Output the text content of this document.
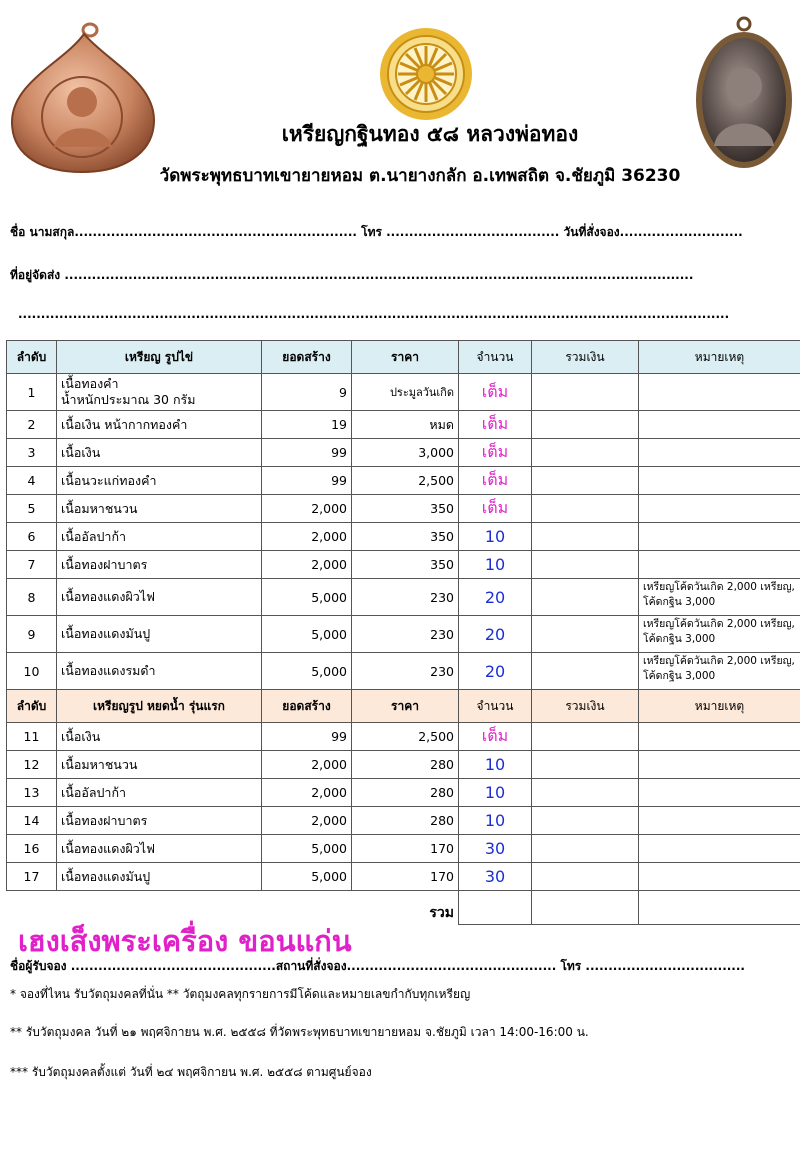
เหรียญกฐินทอง ๕๘ หลวงพ่อทอง
วัดพระพุทธบาทเขายายหอม ต.นายางกลัก อ.เทพสถิต จ.ชัยภูมิ 36230
ชื่อ นามสกุล.............................................................. โทร ...................................... วันที่สั่งจอง...........................
ที่อยู่จัดส่ง ..........................................................................................................................................
............................................................................................................................................................
ลำดับ	เหรียญ รูปไข่	ยอดสร้าง	ราคา	จำนวน	รวมเงิน	หมายเหตุ
1	เนื้อทองคำ
น้ำหนักประมาณ 30 กรัม	9	ประมูลวันเกิด	เต็ม		
2	เนื้อเงิน หน้ากากทองคำ	19	หมด	เต็ม		
3	เนื้อเงิน	99	3,000	เต็ม		
4	เนื้อนวะแก่ทองคำ	99	2,500	เต็ม		
5	เนื้อมหาชนวน	2,000	350	เต็ม		
6	เนื้ออัลปาก้า	2,000	350	10		
7	เนื้อทองฝาบาตร	2,000	350	10		
8	เนื้อทองแดงผิวไฟ	5,000	230	20		เหรียญโค้ดวันเกิด 2,000 เหรียญ, โค้ดกฐิน 3,000
9	เนื้อทองแดงมันปู	5,000	230	20		เหรียญโค้ดวันเกิด 2,000 เหรียญ, โค้ดกฐิน 3,000
10	เนื้อทองแดงรมดำ	5,000	230	20		เหรียญโค้ดวันเกิด 2,000 เหรียญ, โค้ดกฐิน 3,000
ลำดับ	เหรียญรูป หยดน้ำ รุ่นแรก	ยอดสร้าง	ราคา	จำนวน	รวมเงิน	หมายเหตุ
11	เนื้อเงิน	99	2,500	เต็ม		
12	เนื้อมหาชนวน	2,000	280	10		
13	เนื้ออัลปาก้า	2,000	280	10		
14	เนื้อทองฝาบาตร	2,000	280	10		
16	เนื้อทองแดงผิวไฟ	5,000	170	30		
17	เนื้อทองแดงมันปู	5,000	170	30		
รวม						
เฮงเส็งพระเครื่อง ขอนแก่น
ชื่อผู้รับจอง .............................................สถานที่สั่งจอง.............................................. โทร ...................................
* จองที่ไหน รับวัตถุมงคลที่นั่น ** วัตถุมงคลทุกรายการมีโค้ดและหมายเลขกำกับทุกเหรียญ
** รับวัตถุมงคล วันที่ ๒๑ พฤศจิกายน พ.ศ. ๒๕๕๘ ที่วัดพระพุทธบาทเขายายหอม จ.ชัยภูมิ เวลา 14:00-16:00 น.
*** รับวัตถุมงคลตั้งแต่ วันที่ ๒๔ พฤศจิกายน พ.ศ. ๒๕๕๘ ตามศูนย์จอง
